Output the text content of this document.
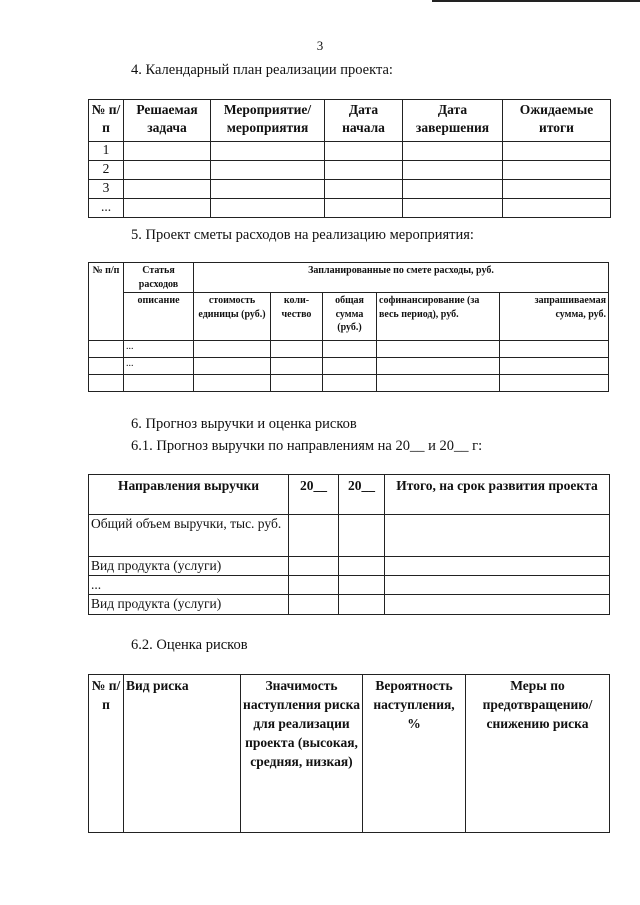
3
4. Календарный план реализации проекта:
№ п/п	Решаемая задача	Мероприятие/ мероприятия	Дата начала	Дата завершения	Ожидаемые итоги
1					
2					
3					
...					
5. Проект сметы расходов на реализацию мероприятия:
№ п/п	Статья расходов	Запланированные по смете расходы, руб.				
	описание	стоимость единицы (руб.)	коли-чество	общая сумма (руб.)	софинансирование (за весь период), руб.	запрашиваемая сумма, руб.
	...					
	...					

6. Прогноз выручки и оценка рисков
6.1. Прогноз выручки по направлениям на 20__ и 20__ г:
Направления выручки	20__	20__	Итого, на срок развития проекта
Общий объем выручки, тыс. руб.			
Вид продукта (услуги)			
...			
Вид продукта (услуги)			
6.2. Оценка рисков
№ п/п	Вид риска	Значимость наступления риска для реализации проекта (высокая, средняя, низкая)	Вероятность наступления, %	Меры по предотвращению/ снижению риска
